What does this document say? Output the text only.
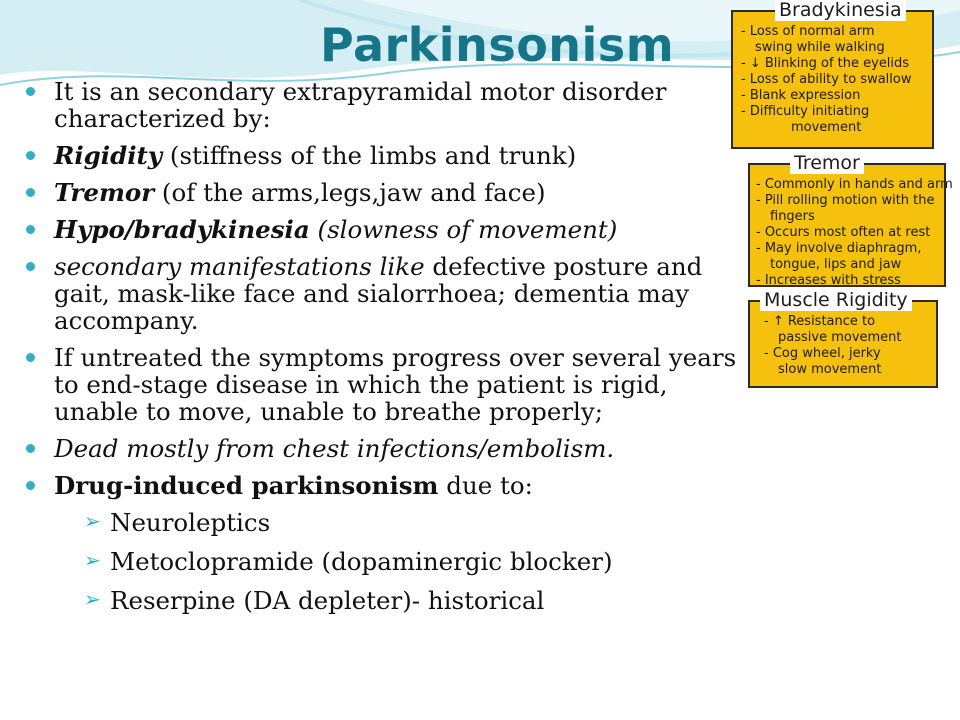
Parkinsonism
It is an secondary extrapyramidal motor disorder characterized by:
Rigidity (stiffness of the limbs and trunk)
Tremor (of the arms,legs,jaw and face)
Hypo/bradykinesia (slowness of movement)
secondary manifestations like defective posture and gait, mask-like face and sialorrhoea; dementia may accompany.
If untreated the symptoms progress over several years to end-stage disease in which the patient is rigid, unable to move, unable to breathe properly;
Dead mostly from chest infections/embolism.
Drug-induced parkinsonism due to:
➢ Neuroleptics
➢ Metoclopramide (dopaminergic blocker)
➢ Reserpine (DA depleter)- historical
Bradykinesia
- Loss of normal arm
swing while walking
- ↓ Blinking of the eyelids
- Loss of ability to swallow
- Blank expression
- Difficulty initiating
movement
Tremor
- Commonly in hands and arm
- Pill rolling motion with the
fingers
- Occurs most often at rest
- May involve diaphragm,
tongue, lips and jaw
- Increases with stress
Muscle Rigidity
- ↑ Resistance to
passive movement
- Cog wheel, jerky
slow movement
